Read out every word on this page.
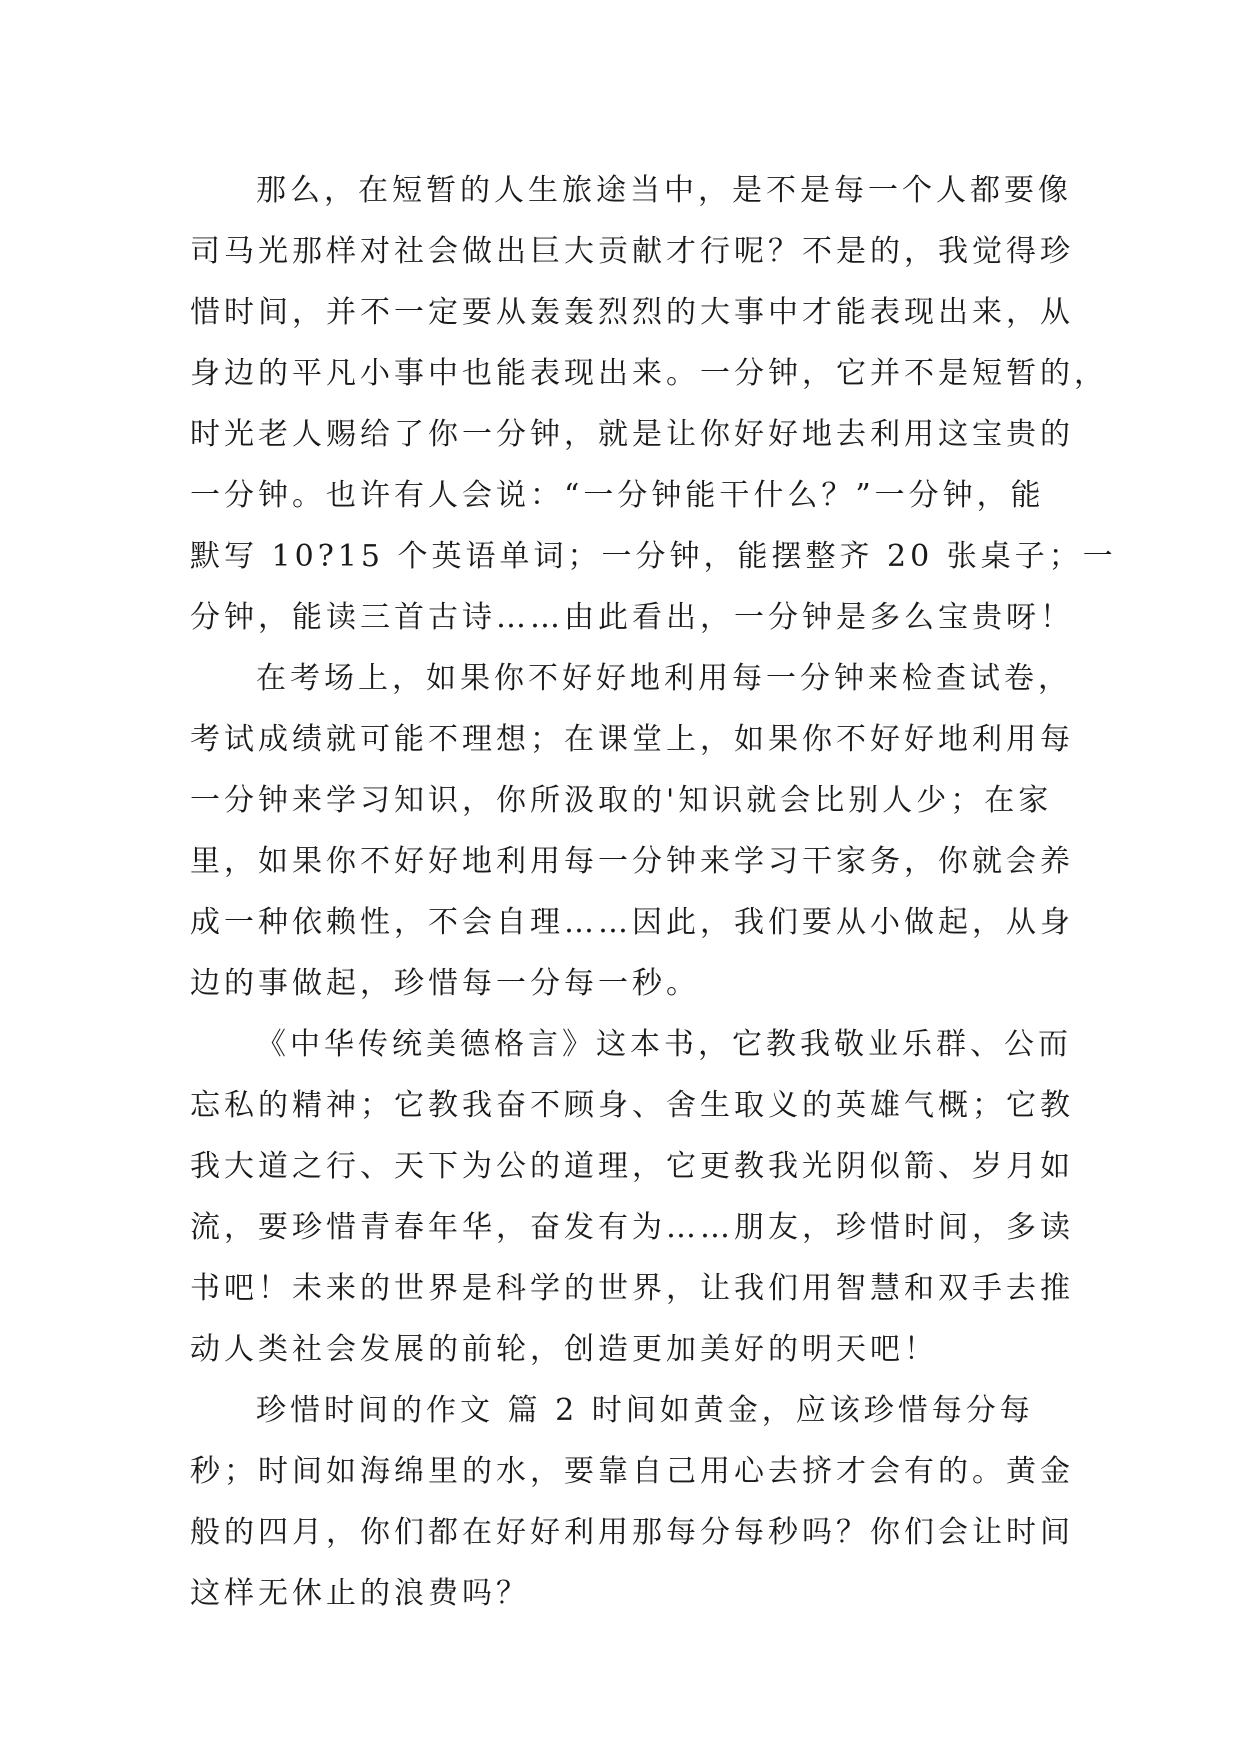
那么，在短暂的人生旅途当中，是不是每一个人都要像
司马光那样对社会做出巨大贡献才行呢？不是的，我觉得珍
惜时间，并不一定要从轰轰烈烈的大事中才能表现出来，从
身边的平凡小事中也能表现出来。一分钟，它并不是短暂的，
时光老人赐给了你一分钟，就是让你好好地去利用这宝贵的
一分钟。也许有人会说：“一分钟能干什么？”一分钟，能
默写 10?15 个英语单词；一分钟，能摆整齐 20 张桌子；一
分钟，能读三首古诗……由此看出，一分钟是多么宝贵呀！
在考场上，如果你不好好地利用每一分钟来检查试卷，
考试成绩就可能不理想；在课堂上，如果你不好好地利用每
一分钟来学习知识，你所汲取的'知识就会比别人少；在家
里，如果你不好好地利用每一分钟来学习干家务，你就会养
成一种依赖性，不会自理……因此，我们要从小做起，从身
边的事做起，珍惜每一分每一秒。
《中华传统美德格言》这本书，它教我敬业乐群、公而
忘私的精神；它教我奋不顾身、舍生取义的英雄气概；它教
我大道之行、天下为公的道理，它更教我光阴似箭、岁月如
流，要珍惜青春年华，奋发有为……朋友，珍惜时间，多读
书吧！未来的世界是科学的世界，让我们用智慧和双手去推
动人类社会发展的前轮，创造更加美好的明天吧！
珍惜时间的作文 篇 2 时间如黄金，应该珍惜每分每
秒；时间如海绵里的水，要靠自己用心去挤才会有的。黄金
般的四月，你们都在好好利用那每分每秒吗？你们会让时间
这样无休止的浪费吗？
